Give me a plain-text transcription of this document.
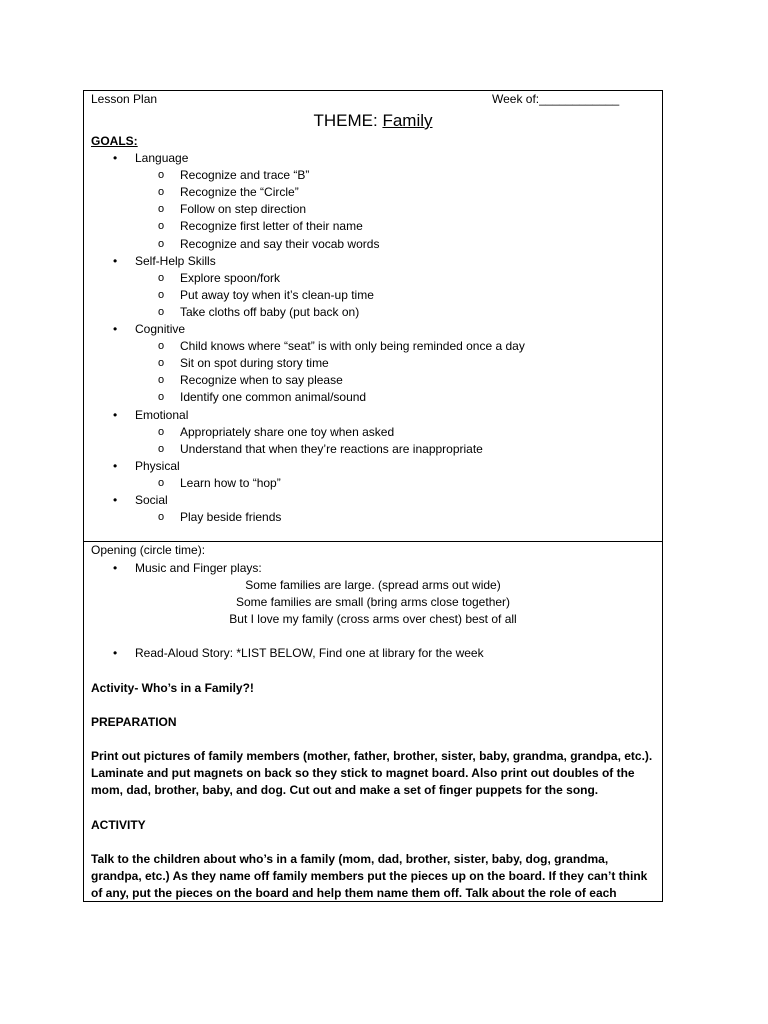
Lesson Plan	Week of:____________
THEME: Family
GOALS:
• Language
o Recognize and trace “B”
o Recognize the “Circle”
o Follow on step direction
o Recognize first letter of their name
o Recognize and say their vocab words
• Self-Help Skills
o Explore spoon/fork
o Put away toy when it’s clean-up time
o Take cloths off baby (put back on)
• Cognitive
o Child knows where “seat” is with only being reminded once a day
o Sit on spot during story time
o Recognize when to say please
o Identify one common animal/sound
• Emotional
o Appropriately share one toy when asked
o Understand that when they’re reactions are inappropriate
• Physical
o Learn how to “hop”
• Social
o Play beside friends
Opening (circle time):
• Music and Finger plays:
Some families are large. (spread arms out wide)
Some families are small (bring arms close together)
But I love my family (cross arms over chest) best of all
• Read-Aloud Story: *LIST BELOW, Find one at library for the week
Activity- Who’s in a Family?!
PREPARATION
Print out pictures of family members (mother, father, brother, sister, baby, grandma, grandpa, etc.). Laminate and put magnets on back so they stick to magnet board. Also print out doubles of the mom, dad, brother, baby, and dog. Cut out and make a set of finger puppets for the song.
ACTIVITY
Talk to the children about who’s in a family (mom, dad, brother, sister, baby, dog, grandma, grandpa, etc.) As they name off family members put the pieces up on the board. If they can’t think of any, put the pieces on the board and help them name them off. Talk about the role of each
